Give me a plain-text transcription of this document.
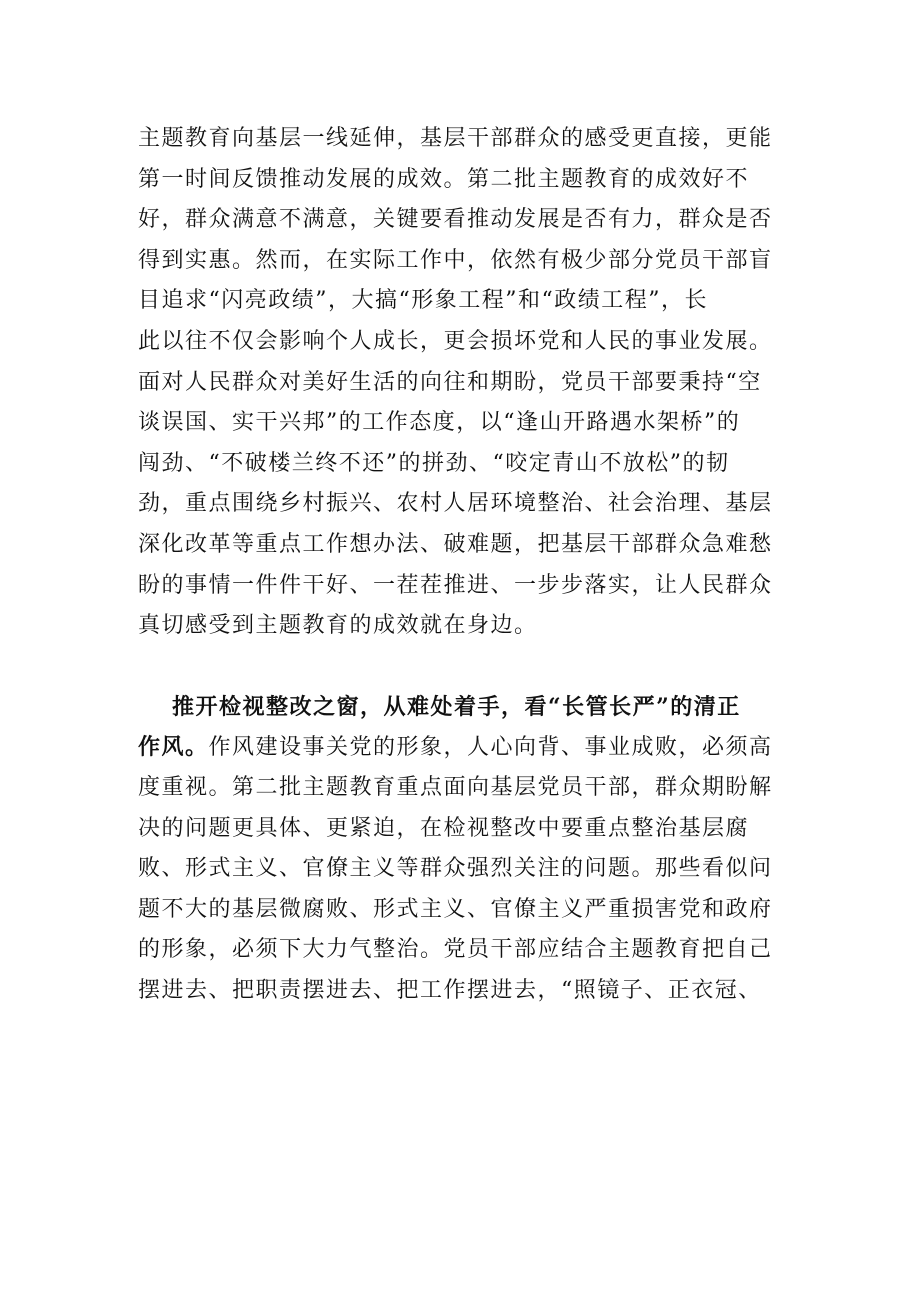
主题教育向基层一线延伸，基层干部群众的感受更直接，更能
第一时间反馈推动发展的成效。第二批主题教育的成效好不
好，群众满意不满意，关键要看推动发展是否有力，群众是否
得到实惠。然而，在实际工作中，依然有极少部分党员干部盲
目追求“闪亮政绩”，大搞“形象工程”和“政绩工程”，长
此以往不仅会影响个人成长，更会损坏党和人民的事业发展。
面对人民群众对美好生活的向往和期盼，党员干部要秉持“空
谈误国、实干兴邦”的工作态度，以“逢山开路遇水架桥”的
闯劲、“不破楼兰终不还”的拼劲、“咬定青山不放松”的韧
劲，重点围绕乡村振兴、农村人居环境整治、社会治理、基层
深化改革等重点工作想办法、破难题，把基层干部群众急难愁
盼的事情一件件干好、一茬茬推进、一步步落实，让人民群众
真切感受到主题教育的成效就在身边。
推开检视整改之窗，从难处着手，看“长管长严”的清正
作风。作风建设事关党的形象，人心向背、事业成败，必须高
度重视。第二批主题教育重点面向基层党员干部，群众期盼解
决的问题更具体、更紧迫，在检视整改中要重点整治基层腐
败、形式主义、官僚主义等群众强烈关注的问题。那些看似问
题不大的基层微腐败、形式主义、官僚主义严重损害党和政府
的形象，必须下大力气整治。党员干部应结合主题教育把自己
摆进去、把职责摆进去、把工作摆进去，“照镜子、正衣冠、
